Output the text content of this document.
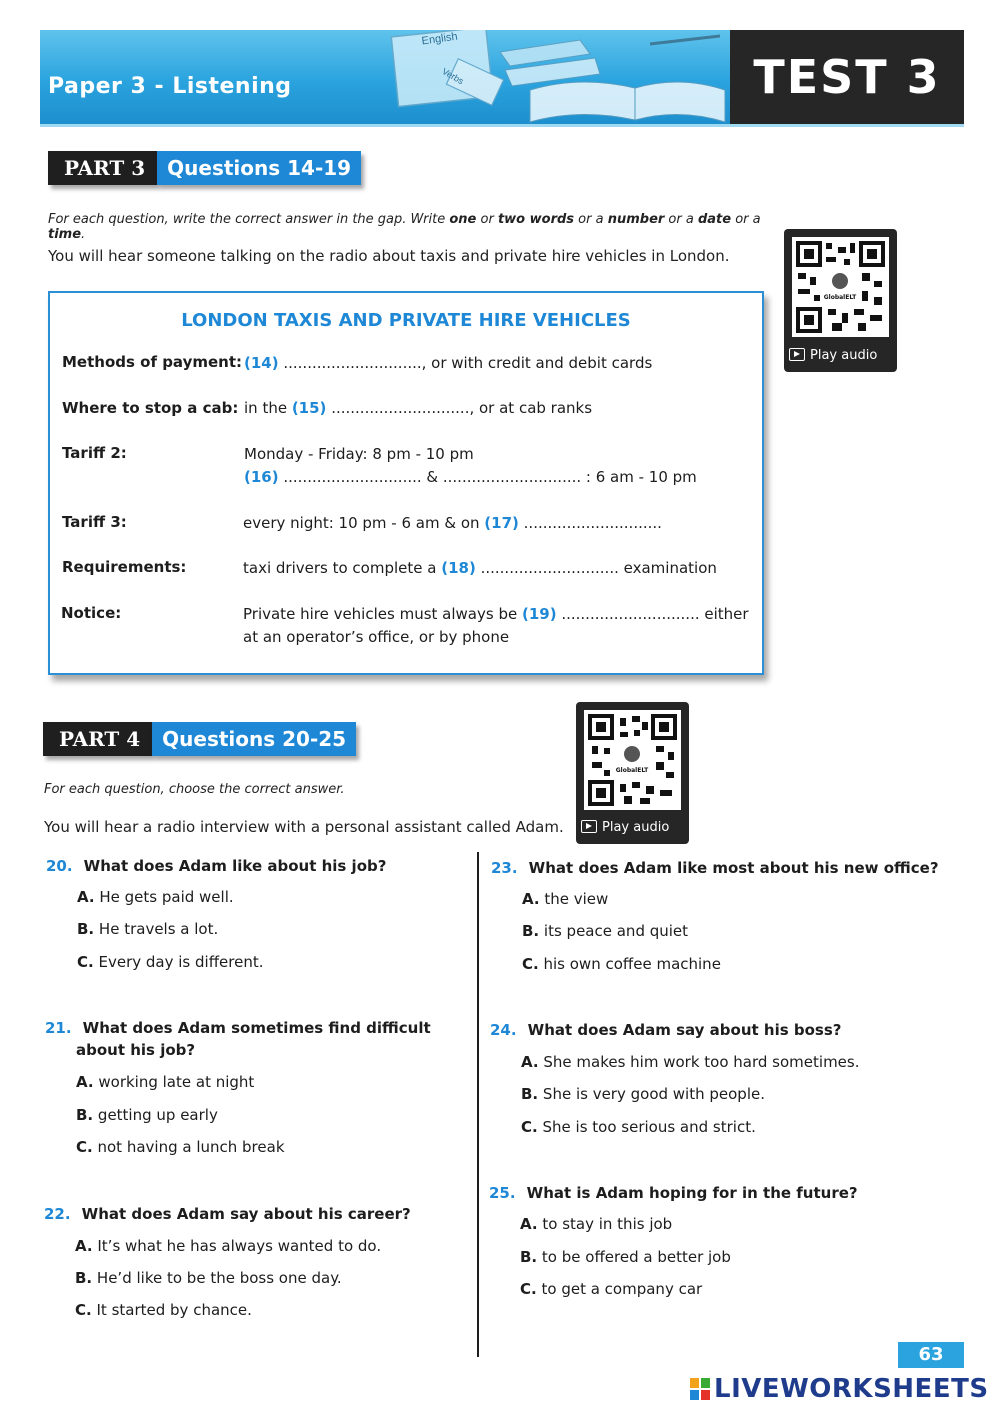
English
Verbs
Paper 3 - Listening	TEST 3
PART 3	Questions 14-19
For each question, write the correct answer in the gap. Write one or two words or a number or a date or a time.
You will hear someone talking on the radio about taxis and private hire vehicles in London.
GlobalELT
Play audio
LONDON TAXIS AND PRIVATE HIRE VEHICLES
Methods of payment: (14) ............................., or with credit and debit cards
Where to stop a cab: in the (15) ............................., or at cab ranks
Tariff 2:	Monday - Friday: 8 pm - 10 pm
(16) ............................. & ............................. : 6 am - 10 pm
Tariff 3:	every night: 10 pm - 6 am & on (17) .............................
Requirements:	taxi drivers to complete a (18) ............................. examination
Notice:	Private hire vehicles must always be (19) ............................. either
at an operator’s office, or by phone
PART 4	Questions 20-25
For each question, choose the correct answer.
You will hear a radio interview with a personal assistant called Adam.
GlobalELT
Play audio
20. What does Adam like about his job?
A. He gets paid well.
B. He travels a lot.
C. Every day is different.
21. What does Adam sometimes find difficult
about his job?
A. working late at night
B. getting up early
C. not having a lunch break
22. What does Adam say about his career?
A. It’s what he has always wanted to do.
B. He’d like to be the boss one day.
C. It started by chance.
23. What does Adam like most about his new office?
A. the view
B. its peace and quiet
C. his own coffee machine
24. What does Adam say about his boss?
A. She makes him work too hard sometimes.
B. She is very good with people.
C. She is too serious and strict.
25. What is Adam hoping for in the future?
A. to stay in this job
B. to be offered a better job
C. to get a company car
63
LIVEWORKSHEETS
